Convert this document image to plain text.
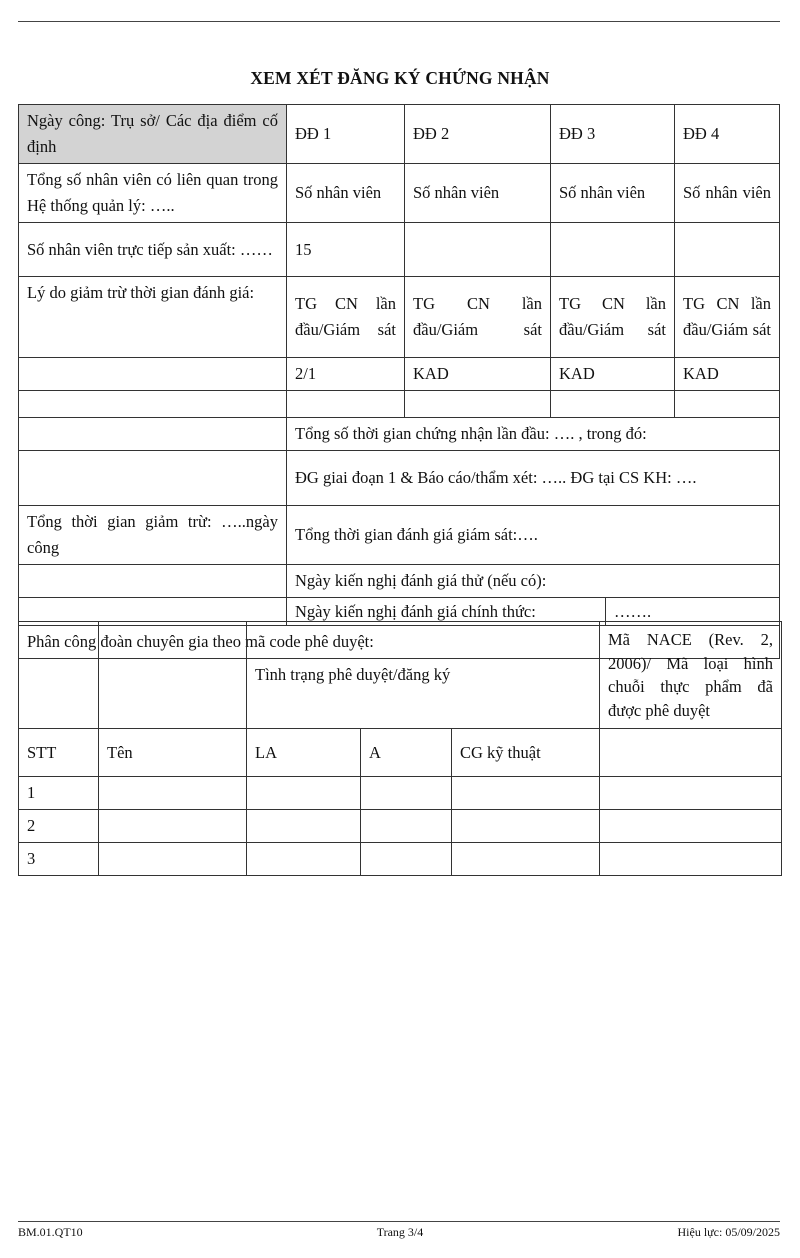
XEM XÉT ĐĂNG KÝ CHỨNG NHẬN
Ngày công: Trụ sở/ Các địa điểm cố định	ĐĐ 1	ĐĐ 2	ĐĐ 3	ĐĐ 4
Tổng số nhân viên có liên quan trong Hệ thống quản lý: …..	Số nhân viên	Số nhân viên	Số nhân viên	Số nhân viên
Số nhân viên trực tiếp sản xuất: ……	15			
Lý do giảm trừ thời gian đánh giá:	TG CN lần đầu/Giám sát	TG CN lần đầu/Giám sát	TG CN lần đầu/Giám sát	TG CN lần đầu/Giám sát
	2/1	KAD	KAD	KAD

	Tổng số thời gian chứng nhận lần đầu: …. , trong đó:			
	ĐG giai đoạn 1 & Báo cáo/thẩm xét: ….. ĐG tại CS KH: ….			
Tổng thời gian giảm trừ: …..ngày công	Tổng thời gian đánh giá giám sát:….			
	Ngày kiến nghị đánh giá thử (nếu có):			

	Ngày kiến nghị đánh giá chính thức: …….			

Phân công đoàn chuyên gia theo mã code phê duyệt:				
		Tình trạng phê duyệt/đăng ký			Mã NACE (Rev. 2, 2006)/ Mã loại hình chuỗi thực phẩm đã được phê duyệt
STT	Tên	LA	A	CG kỹ thuật	
1					
2					
3					
BM.01.QT10	Trang 3/4	Hiệu lực: 05/09/2025
